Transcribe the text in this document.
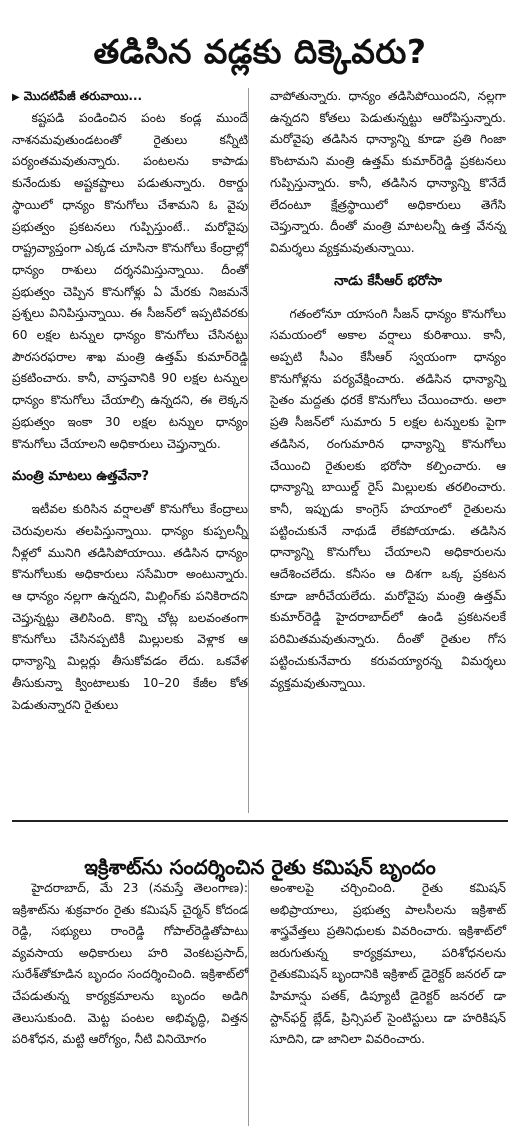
తడిసిన వడ్లకు దిక్కెవరు?

▶ మొదటిపేజీ తరువాయి...

కష్టపడి పండించిన పంట కండ్ల ముందే నాశనమవుతుండటంతో రైతులు కన్నీటి పర్యంతమవుతున్నారు. పంటలను కాపాడు కునేందుకు అష్టకష్టాలు పడుతున్నారు. రికార్డు స్థాయిలో ధాన్యం కొనుగోలు చేశామని ఓ వైపు ప్రభుత్వం ప్రకటనలు గుప్పిస్తుంటే.. మరోవైపు రాష్ట్రవ్యాప్తంగా ఎక్కడ చూసినా కొనుగోలు కేంద్రాల్లో ధాన్యం రాశులు దర్శనమిస్తున్నాయి. దీంతో ప్రభుత్వం చెప్పిన కొనుగోళ్లు ఏ మేరకు నిజమనే ప్రశ్నలు వినిపిస్తున్నాయి. ఈ సీజన్‌లో ఇప్పటివరకు 60 లక్షల టన్నుల ధాన్యం కొనుగోలు చేసినట్టు పౌరసరఫరాల శాఖ మంత్రి ఉత్తమ్ కుమార్‌రెడ్డి ప్రకటించారు. కానీ, వాస్తవానికి 90 లక్షల టన్నుల ధాన్యం కొనుగోలు చేయాల్సి ఉన్నదని, ఈ లెక్కన ప్రభుత్వం ఇంకా 30 లక్షల టన్నుల ధాన్యం కొనుగోలు చేయాలని అధికారులు చెప్తున్నారు.

మంత్రి మాటలు ఉత్తవేనా?

ఇటీవల కురిసిన వర్షాలతో కొనుగోలు కేంద్రాలు చెరువులను తలపిస్తున్నాయి. ధాన్యం కుప్పలన్నీ నీళ్లలో మునిగి తడిసిపోయాయి. తడిసిన ధాన్యం కొనుగోలుకు అధికారులు ససేమిరా అంటున్నారు. ఆ ధాన్యం నల్లగా ఉన్నదని, మిల్లింగ్‌కు పనికిరాదని చెప్తున్నట్టు తెలిసింది. కొన్ని చోట్ల బలవంతంగా కొనుగోలు చేసినప్పటికీ మిల్లులకు వెళ్లాక ఆ ధాన్యాన్ని మిల్లర్లు తీసుకోవడం లేదు. ఒకవేళ తీసుకున్నా క్వింటాలుకు 10–20 కేజీల కోత పెడుతున్నారని రైతులు

వాపోతున్నారు. ధాన్యం తడిసిపోయిందని, నల్లగా ఉన్నదని కోతలు పెడుతున్నట్టు ఆరోపిస్తున్నారు. మరోవైపు తడిసిన ధాన్యాన్ని కూడా ప్రతి గింజా కొంటామని మంత్రి ఉత్తమ్ కుమార్‌రెడ్డి ప్రకటనలు గుప్పిస్తున్నారు. కానీ, తడిసిన ధాన్యాన్ని కొనేదే లేదంటూ క్షేత్రస్థాయిలో అధికారులు తెగేసి చెప్తున్నారు. దీంతో మంత్రి మాటలన్నీ ఉత్త వేనన్న విమర్శలు వ్యక్తమవుతున్నాయి.

నాడు కేసీఆర్ భరోసా

గతంలోనూ యాసంగి సీజన్ ధాన్యం కొనుగోలు సమయంలో అకాల వర్షాలు కురిశాయి. కానీ, అప్పటి సీఎం కేసీఆర్ స్వయంగా ధాన్యం కొనుగోళ్లను పర్యవేక్షించారు. తడిసిన ధాన్యాన్ని సైతం మద్దతు ధరకే కొనుగోలు చేయించారు. అలా ప్రతి సీజన్‌లో సుమారు 5 లక్షల టన్నులకు పైగా తడిసిన, రంగుమారిన ధాన్యాన్ని కొనుగోలు చేయించి రైతులకు భరోసా కల్పించారు. ఆ ధాన్యాన్ని బాయిల్డ్ రైస్ మిల్లులకు తరలించారు. కానీ, ఇప్పుడు కాంగ్రెస్ హయాంలో రైతులను పట్టించుకునే నాథుడే లేకపోయాడు. తడిసిన ధాన్యాన్ని కొనుగోలు చేయాలని అధికారులను ఆదేశించలేదు. కనీసం ఆ దిశగా ఒక్క ప్రకటన కూడా జారీచేయలేదు. మరోవైపు మంత్రి ఉత్తమ్ కుమార్‌రెడ్డి హైదరాబాద్‌లో ఉండి ప్రకటనలకే పరిమితమవుతున్నారు. దీంతో రైతుల గోస పట్టించుకునేవారు కరువయ్యారన్న విమర్శలు వ్యక్తమవుతున్నాయి.

ఇక్రిశాట్‌ను సందర్శించిన రైతు కమిషన్ బృందం

హైదరాబాద్, మే 23 (నమస్తే తెలంగాణ): ఇక్రిశాట్‌ను శుక్రవారం రైతు కమిషన్ చైర్మన్ కోదండ రెడ్డి, సభ్యులు రాంరెడ్డి గోపాల్‌రెడ్డితోపాటు వ్యవసాయ అధికారులు హరి వెంకటప్రసాద్, సురేశ్‌తోకూడిన బృందం సందర్శించింది. ఇక్రిశాట్‌లో చేపడుతున్న కార్యక్రమాలను బృందం అడిగి తెలుసుకుంది. మెట్ట పంటల అభివృద్ధి, విత్తన పరిశోధన, మట్టి ఆరోగ్యం, నీటి వినియోగం

అంశాలపై చర్చించింది. రైతు కమిషన్ అభిప్రాయాలు, ప్రభుత్వ పాలసీలను ఇక్రిశాట్ శాస్త్రవేత్తలు ప్రతినిధులకు వివరించారు. ఇక్రిశాట్‌లో జరుగుతున్న కార్యక్రమాలు, పరిశోధనలను రైతుకమిషన్ బృందానికి ఇక్రిశాట్ డైరెక్టర్ జనరల్ డా హిమాన్షు పతక్, డిప్యూటీ డైరెక్టర్ జనరల్ డా స్టాన్‌ఫర్డ్ బ్లేడ్, ప్రిన్సిపల్ సైంటిస్టులు డా హరికిషన్ సూదిని, డా జానిలా వివరించారు.
